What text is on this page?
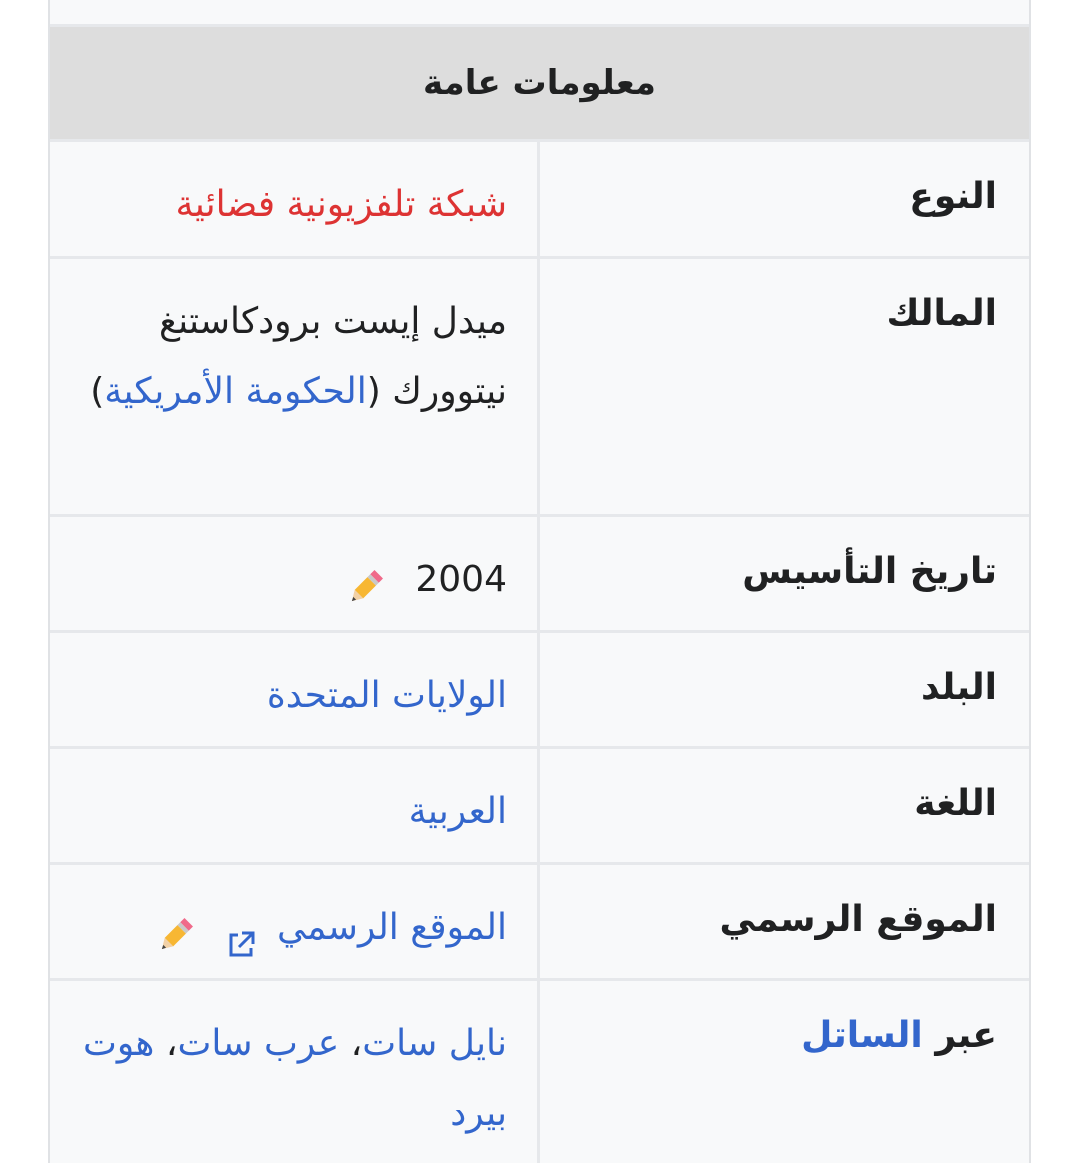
معلومات عامة
النوع
شبكة تلفزيونية فضائية
المالك
ميدل إيست برودكاستنغ نيتوورك (الحكومة الأمريكية)
تاريخ التأسيس
2004
البلد
الولايات المتحدة
اللغة
العربية
الموقع الرسمي
الموقع الرسمي
عبر الساتل
نايل سات، عرب سات، هوت بيرد
